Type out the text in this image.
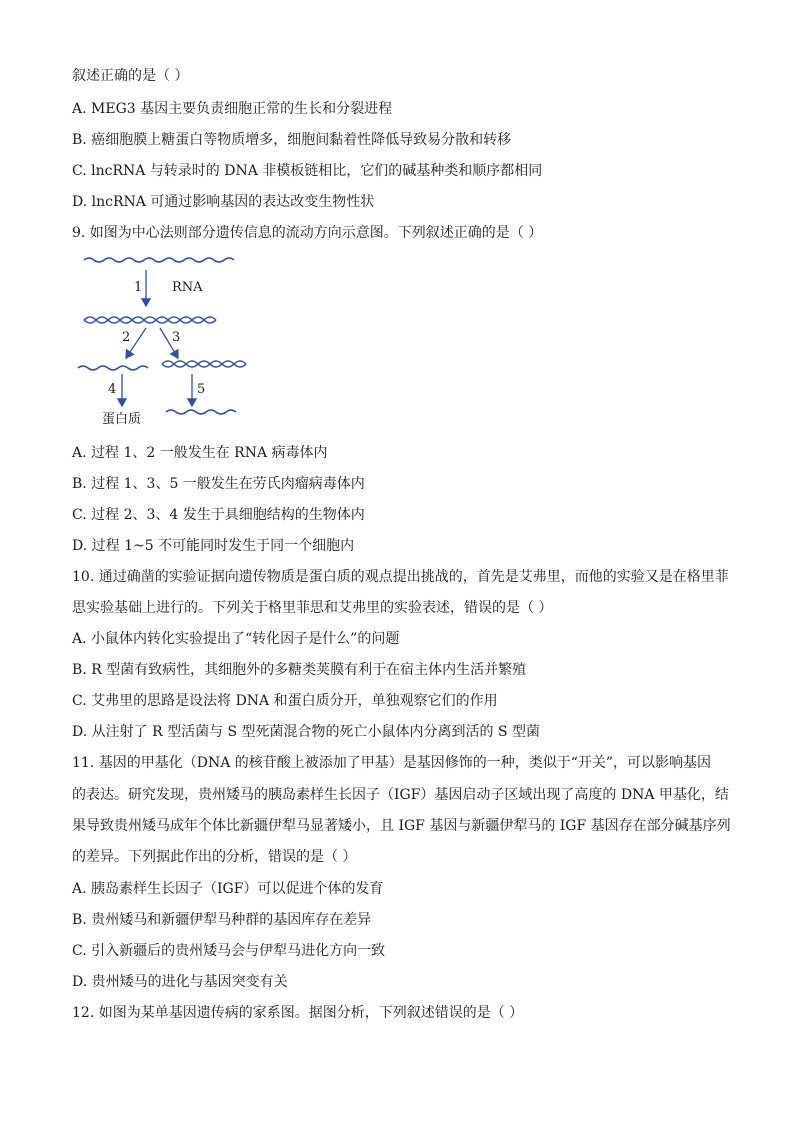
叙述正确的是（ ）
A. MEG3 基因主要负责细胞正常的生长和分裂进程
B. 癌细胞膜上糖蛋白等物质增多，细胞间黏着性降低导致易分散和转移
C. lncRNA 与转录时的 DNA 非模板链相比，它们的碱基种类和顺序都相同
D. lncRNA 可通过影响基因的表达改变生物性状
9. 如图为中心法则部分遗传信息的流动方向示意图。下列叙述正确的是（ ）
1 RNA
2	3
4	5
蛋白质
A. 过程 1、2 一般发生在 RNA 病毒体内
B. 过程 1、3、5 一般发生在劳氏肉瘤病毒体内
C. 过程 2、3、4 发生于具细胞结构的生物体内
D. 过程 1~5 不可能同时发生于同一个细胞内
10. 通过确凿的实验证据向遗传物质是蛋白质的观点提出挑战的，首先是艾弗里，而他的实验又是在格里菲
思实验基础上进行的。下列关于格里菲思和艾弗里的实验表述，错误的是（ ）
A. 小鼠体内转化实验提出了“转化因子是什么”的问题
B. R 型菌有致病性，其细胞外的多糖类荚膜有利于在宿主体内生活并繁殖
C. 艾弗里的思路是设法将 DNA 和蛋白质分开，单独观察它们的作用
D. 从注射了 R 型活菌与 S 型死菌混合物的死亡小鼠体内分离到活的 S 型菌
11. 基因的甲基化（DNA 的核苷酸上被添加了甲基）是基因修饰的一种，类似于“开关”，可以影响基因
的表达。研究发现，贵州矮马的胰岛素样生长因子（IGF）基因启动子区域出现了高度的 DNA 甲基化，结
果导致贵州矮马成年个体比新疆伊犁马显著矮小，且 IGF 基因与新疆伊犁马的 IGF 基因存在部分碱基序列
的差异。下列据此作出的分析，错误的是（ ）
A. 胰岛素样生长因子（IGF）可以促进个体的发育
B. 贵州矮马和新疆伊犁马种群的基因库存在差异
C. 引入新疆后的贵州矮马会与伊犁马进化方向一致
D. 贵州矮马的进化与基因突变有关
12. 如图为某单基因遗传病的家系图。据图分析，下列叙述错误的是（ ）
